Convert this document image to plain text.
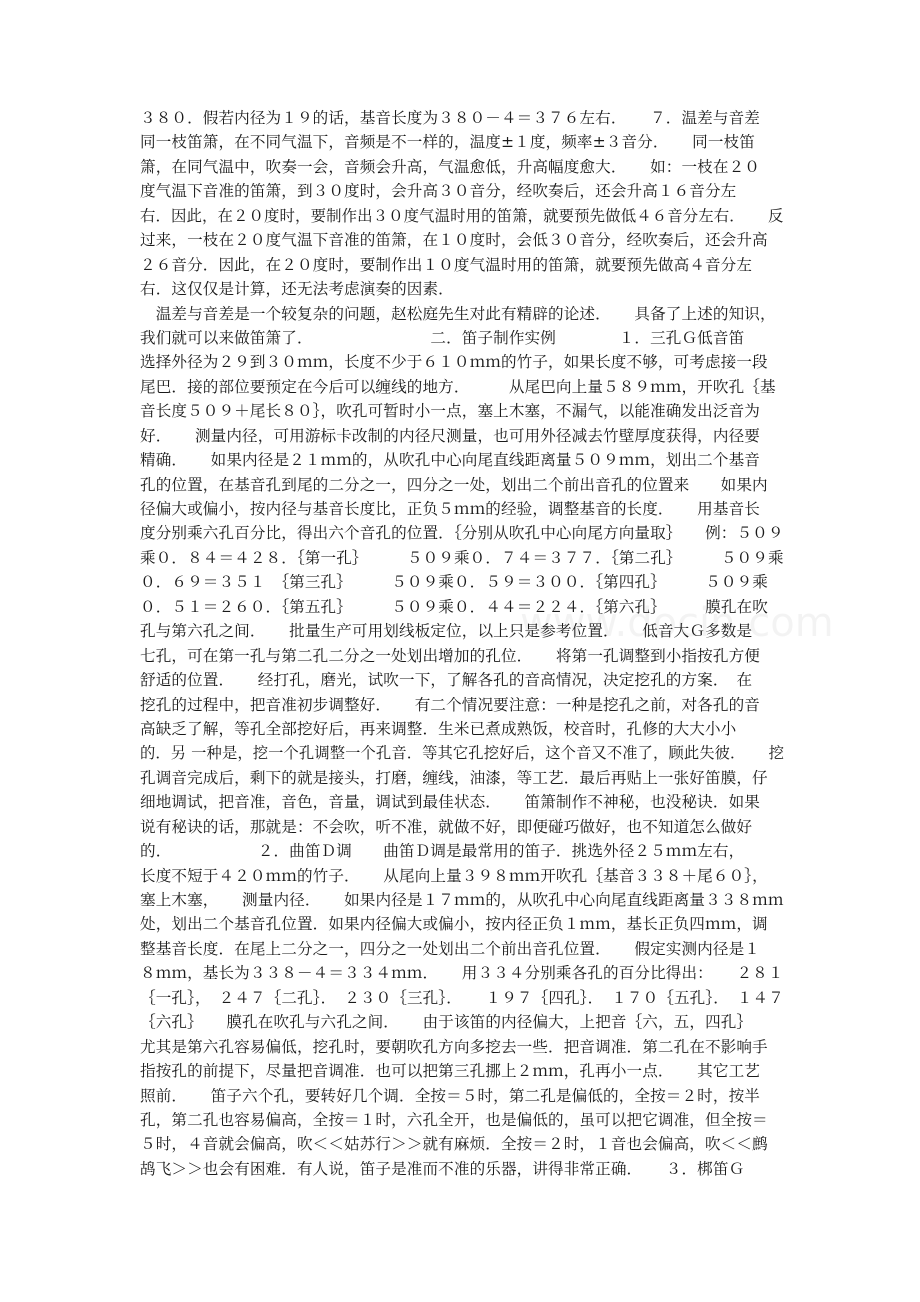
３８０．假若内径为１９的话，基音长度为３８０－４＝３７６左右．　　７．温差与音差
同一枝笛箫，在不同气温下，音频是不一样的，温度±１度，频率±３音分．　　同一枝笛
箫，在同气温中，吹奏一会，音频会升高，气温愈低，升高幅度愈大．　　如：一枝在２０
度气温下音准的笛箫，到３０度时，会升高３０音分，经吹奏后，还会升高１６音分左
右．因此，在２０度时，要制作出３０度气温时用的笛箫，就要预先做低４６音分左右．　　反
过来，一枝在２０度气温下音准的笛箫，在１０度时，会低３０音分，经吹奏后，还会升高
２６音分．因此，在２０度时，要制作出１０度气温时用的笛箫，就要预先做高４音分左
右．这仅仅是计算，还无法考虑演奏的因素．
　温差与音差是一个较复杂的问题，赵松庭先生对此有精辟的论述．　　具备了上述的知识，
我们就可以来做笛箫了．　　　　　　　　二．笛子制作实例　　　　１．三孔Ｇ低音笛
选择外径为２９到３０ｍｍ，长度不少于６１０ｍｍ的竹子，如果长度不够，可考虑接一段
尾巴．接的部位要预定在今后可以缠线的地方．　　　从尾巴向上量５８９ｍｍ，开吹孔｛基
音长度５０９＋尾长８０｝，吹孔可暂时小一点，塞上木塞，不漏气，以能准确发出泛音为
好．　　测量内径，可用游标卡改制的内径尺测量，也可用外径减去竹壁厚度获得，内径要
精确．　　如果内径是２１ｍｍ的，从吹孔中心向尾直线距离量５０９ｍｍ，划出二个基音
孔的位置，在基音孔到尾的二分之一，四分之一处，划出二个前出音孔的位置来　　如果内
径偏大或偏小，按内径与基音长度比，正负５ｍｍ的经验，调整基音的长度．　　用基音长
度分别乘六孔百分比，得出六个音孔的位置．｛分别从吹孔中心向尾方向量取｝　　例：５０９
乘０．８４＝４２８．｛第一孔｝　　　５０９乘０．７４＝３７７．｛第二孔｝　　　５０９乘
０．６９＝３５１　｛第三孔｝　　　５０９乘０．５９＝３００．｛第四孔｝　　　５０９乘
０．５１＝２６０．｛第五孔｝　　　５０９乘０．４４＝２２４．｛第六孔｝　　　膜孔在吹
孔与第六孔之间．　　批量生产可用划线板定位，以上只是参考位置．　　低音大Ｇ多数是
七孔，可在第一孔与第二孔二分之一处划出增加的孔位．　　将第一孔调整到小指按孔方便
舒适的位置．　　经打孔，磨光，试吹一下，了解各孔的音高情况，决定挖孔的方案．　在
挖孔的过程中，把音准初步调整好．　　有二个情况要注意：一种是挖孔之前，对各孔的音
高缺乏了解，等孔全部挖好后，再来调整．生米已煮成熟饭，校音时，孔修的大大小小
的．另 一种是，挖一个孔调整一个孔音．等其它孔挖好后，这个音又不准了，顾此失彼．　　挖
孔调音完成后，剩下的就是接头，打磨，缠线，油漆，等工艺．最后再贴上一张好笛膜，仔
细地调试，把音准，音色，音量，调试到最佳状态．　　笛箫制作不神秘，也没秘诀．如果
说有秘诀的话，那就是：不会吹，听不准，就做不好，即便碰巧做好，也不知道怎么做好
的．　　　　　　２．曲笛Ｄ调　　曲笛Ｄ调是最常用的笛子．挑选外径２５ｍｍ左右，
长度不短于４２０ｍｍ的竹子．　　从尾向上量３９８ｍｍ开吹孔｛基音３３８＋尾６０｝，
塞上木塞，　　测量内径．　　如果内径是１７ｍｍ的，从吹孔中心向尾直线距离量３３８ｍｍ
处，划出二个基音孔位置．如果内径偏大或偏小，按内径正负１ｍｍ，基长正负四ｍｍ，调
整基音长度．在尾上二分之一，四分之一处划出二个前出音孔位置．　　假定实测内径是１
８ｍｍ，基长为３３８－４＝３３４ｍｍ．　　用３３４分别乘各孔的百分比得出：　　２８１
｛一孔｝，　２４７｛二孔｝．　２３０｛三孔｝．　　１９７｛四孔｝．　１７０｛五孔｝．　１４７
｛六孔｝　　膜孔在吹孔与六孔之间．　　由于该笛的内径偏大，上把音｛六，五，四孔｝
尤其是第六孔容易偏低，挖孔时，要朝吹孔方向多挖去一些．把音调准．第二孔在不影响手
指按孔的前提下，尽量把音调准．也可以把第三孔挪上２ｍｍ，孔再小一点．　　其它工艺
照前．　　笛子六个孔，要转好几个调．全按＝５时，第二孔是偏低的，全按＝２时，按半
孔，第二孔也容易偏高，全按＝１时，六孔全开，也是偏低的，虽可以把它调准，但全按＝
５时，４音就会偏高，吹＜＜姑苏行＞＞就有麻烦．全按＝２时，１音也会偏高，吹＜＜鹧
鸪飞＞＞也会有困难．有人说，笛子是准而不准的乐器，讲得非常正确．　　３．梆笛Ｇ
